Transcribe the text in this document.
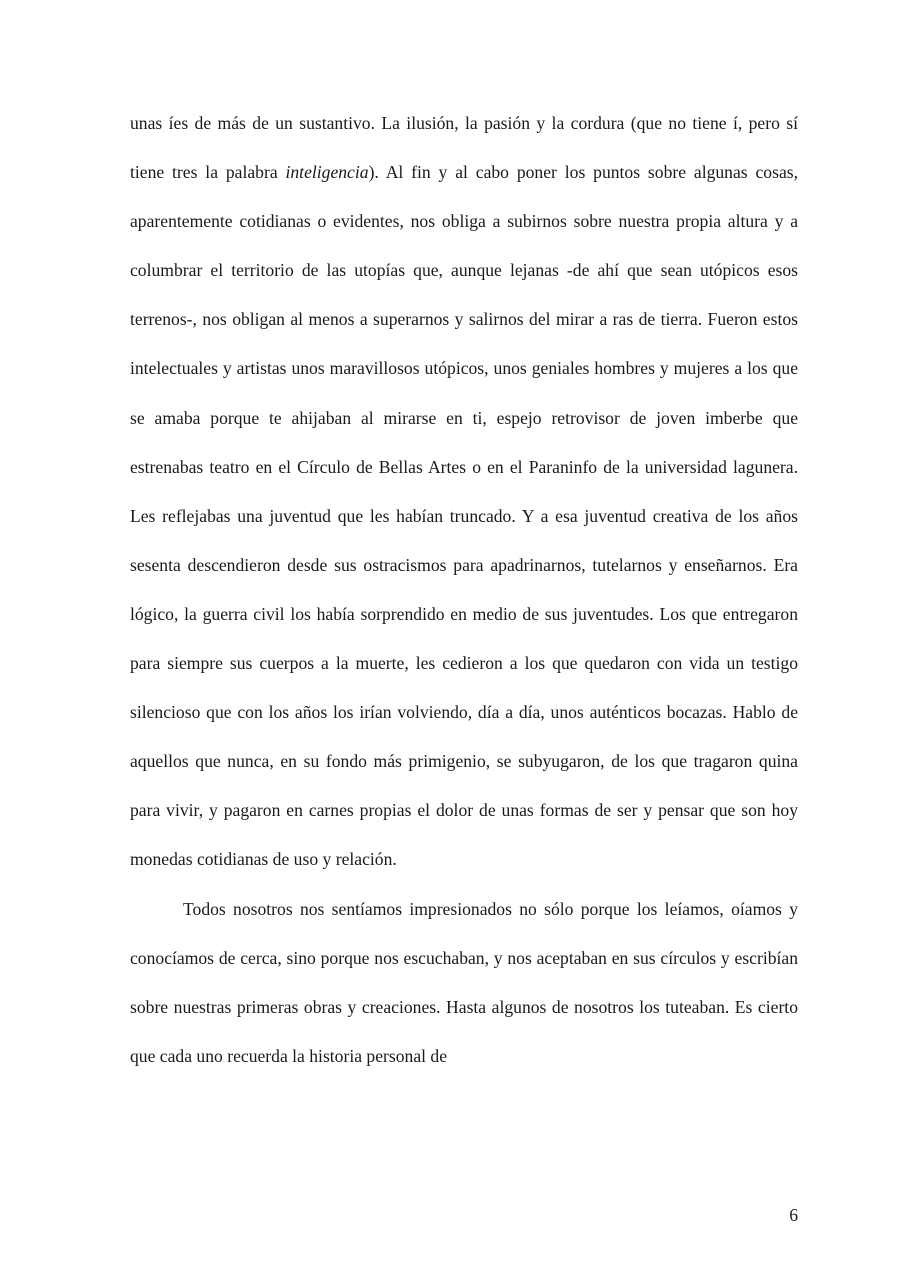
unas íes de más de un sustantivo. La ilusión, la pasión y la cordura (que no tiene í, pero sí tiene tres la palabra inteligencia). Al fin y al cabo poner los puntos sobre algunas cosas, aparentemente cotidianas o evidentes, nos obliga a subirnos sobre nuestra propia altura y a columbrar el territorio de las utopías que, aunque lejanas -de ahí que sean utópicos esos terrenos-, nos obligan al menos a superarnos y salirnos del mirar a ras de tierra. Fueron estos intelectuales y artistas unos maravillosos utópicos, unos geniales hombres y mujeres a los que se amaba porque te ahijaban al mirarse en ti, espejo retrovisor de joven imberbe que estrenabas teatro en el Círculo de Bellas Artes o en el Paraninfo de la universidad lagunera. Les reflejabas una juventud que les habían truncado. Y a esa juventud creativa de los años sesenta descendieron desde sus ostracismos para apadrinarnos, tutelarnos y enseñarnos. Era lógico, la guerra civil los había sorprendido en medio de sus juventudes. Los que entregaron para siempre sus cuerpos a la muerte, les cedieron a los que quedaron con vida un testigo silencioso que con los años los irían volviendo, día a día, unos auténticos bocazas. Hablo de aquellos que nunca, en su fondo más primigenio, se subyugaron, de los que tragaron quina para vivir, y pagaron en carnes propias el dolor de unas formas de ser y pensar que son hoy monedas cotidianas de uso y relación.

Todos nosotros nos sentíamos impresionados no sólo porque los leíamos, oíamos y conocíamos de cerca, sino porque nos escuchaban, y nos aceptaban en sus círculos y escribían sobre nuestras primeras obras y creaciones. Hasta algunos de nosotros los tuteaban. Es cierto que cada uno recuerda la historia personal de

6
